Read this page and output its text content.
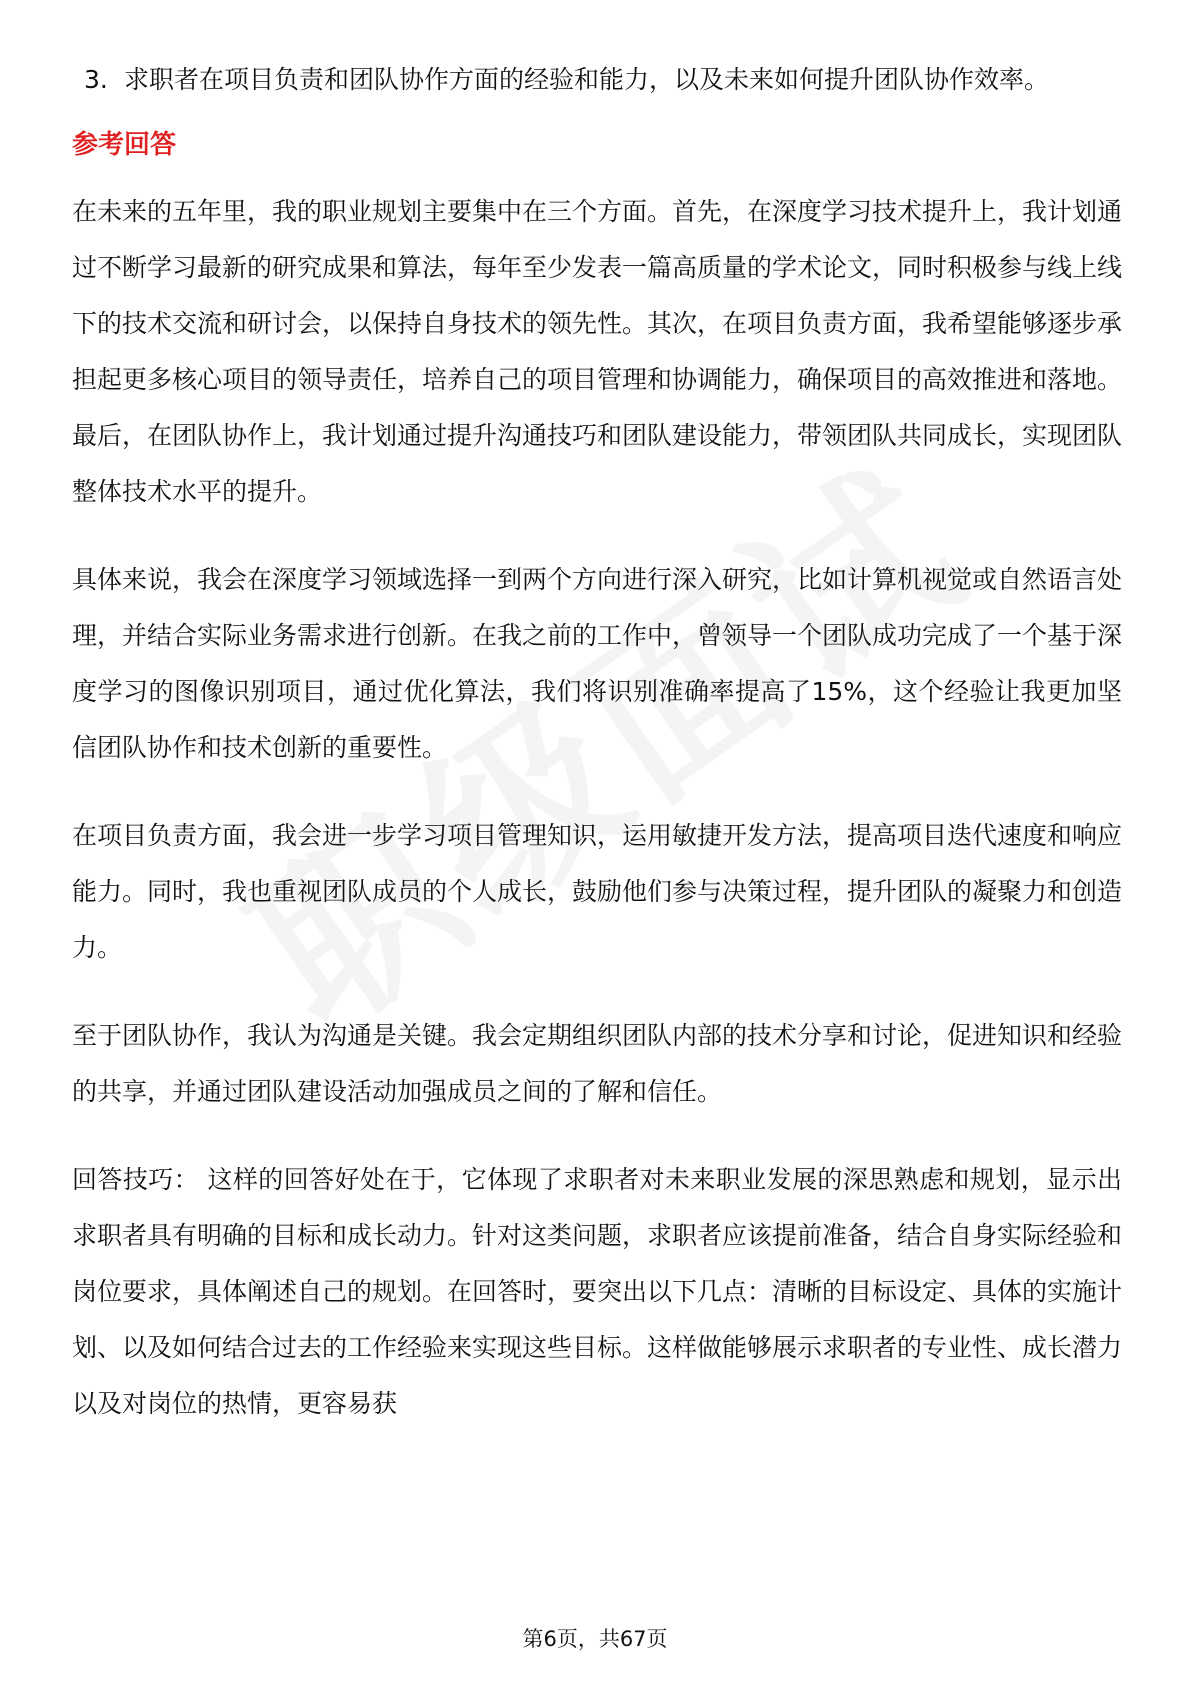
3. 求职者在项目负责和团队协作方面的经验和能力，以及未来如何提升团队协作效率。
参考回答

在未来的五年里，我的职业规划主要集中在三个方面。首先，在深度学习技术提升上，我计划通过不断学习最新的研究成果和算法，每年至少发表一篇高质量的学术论文，同时积极参与线上线下的技术交流和研讨会，以保持自身技术的领先性。其次，在项目负责方面，我希望能够逐步承担起更多核心项目的领导责任，培养自己的项目管理和协调能力，确保项目的高效推进和落地。最后，在团队协作上，我计划通过提升沟通技巧和团队建设能力，带领团队共同成长，实现团队整体技术水平的提升。

具体来说，我会在深度学习领域选择一到两个方向进行深入研究，比如计算机视觉或自然语言处理，并结合实际业务需求进行创新。在我之前的工作中，曾领导一个团队成功完成了一个基于深度学习的图像识别项目，通过优化算法，我们将识别准确率提高了15%，这个经验让我更加坚信团队协作和技术创新的重要性。

在项目负责方面，我会进一步学习项目管理知识，运用敏捷开发方法，提高项目迭代速度和响应能力。同时，我也重视团队成员的个人成长，鼓励他们参与决策过程，提升团队的凝聚力和创造力。

至于团队协作，我认为沟通是关键。我会定期组织团队内部的技术分享和讨论，促进知识和经验的共享，并通过团队建设活动加强成员之间的了解和信任。

回答技巧： 这样的回答好处在于，它体现了求职者对未来职业发展的深思熟虑和规划，显示出求职者具有明确的目标和成长动力。针对这类问题，求职者应该提前准备，结合自身实际经验和岗位要求，具体阐述自己的规划。在回答时，要突出以下几点：清晰的目标设定、具体的实施计划、以及如何结合过去的工作经验来实现这些目标。这样做能够展示求职者的专业性、成长潜力以及对岗位的热情，更容易获

第6页，共67页
